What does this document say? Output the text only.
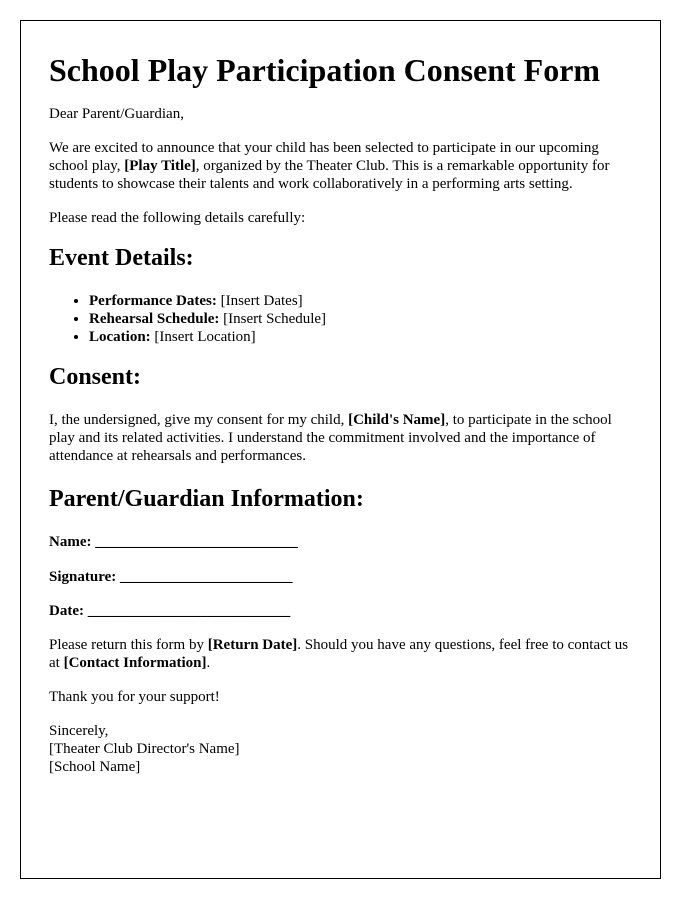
School Play Participation Consent Form

Dear Parent/Guardian,

We are excited to announce that your child has been selected to participate in our upcoming school play, [Play Title], organized by the Theater Club. This is a remarkable opportunity for students to showcase their talents and work collaboratively in a performing arts setting.

Please read the following details carefully:

Event Details:
• Performance Dates: [Insert Dates]
• Rehearsal Schedule: [Insert Schedule]
• Location: [Insert Location]
Consent:

I, the undersigned, give my consent for my child, [Child's Name], to participate in the school play and its related activities. I understand the commitment involved and the importance of attendance at rehearsals and performances.

Parent/Guardian Information:

Name: ___________________________

Signature: _______________________

Date: ___________________________

Please return this form by [Return Date]. Should you have any questions, feel free to contact us at [Contact Information].

Thank you for your support!

Sincerely,
[Theater Club Director's Name]
[School Name]
